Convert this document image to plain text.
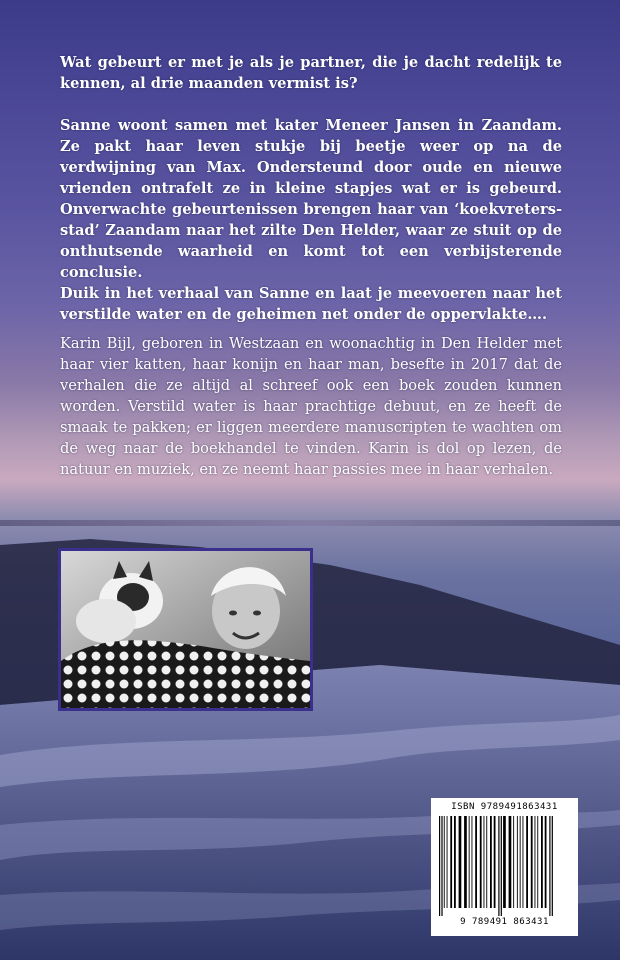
Wat gebeurt er met je als je partner, die je dacht redelijk te kennen, al drie maanden vermist is?

Sanne woont samen met kater Meneer Jansen in Zaandam. Ze pakt haar leven stukje bij beetje weer op na de verdwijning van Max. Ondersteund door oude en nieuwe vrienden ontrafelt ze in kleine stapjes wat er is gebeurd. Onverwachte gebeurtenissen brengen haar van ‘koekvreters-stad’ Zaandam naar het zilte Den Helder, waar ze stuit op de onthutsende waarheid en komt tot een verbijsterende conclusie.

Duik in het verhaal van Sanne en laat je meevoeren naar het verstilde water en de geheimen net onder de oppervlakte….

Karin Bijl, geboren in Westzaan en woonachtig in Den Helder met haar vier katten, haar konijn en haar man, besefte in 2017 dat de verhalen die ze altijd al schreef ook een boek zouden kunnen worden. Verstild water is haar prachtige debuut, en ze heeft de smaak te pakken; er liggen meerdere manuscripten te wachten om de weg naar de boekhandel te vinden. Karin is dol op lezen, de natuur en muziek, en ze neemt haar passies mee in haar verhalen.

ISBN 9789491863431
9 789491 863431
